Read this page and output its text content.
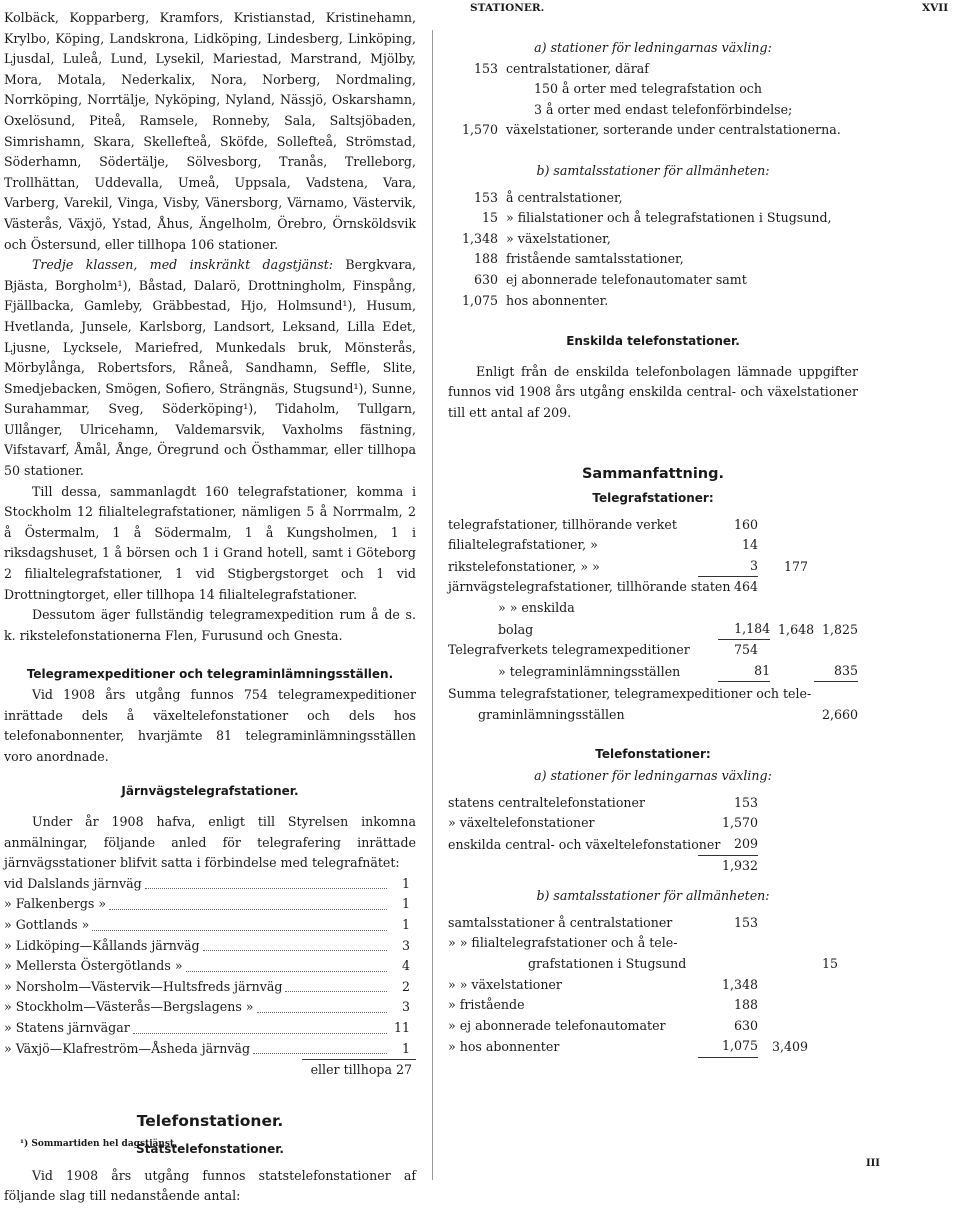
STATIONER.	XVII

Kolbäck, Kopparberg, Kramfors, Kristianstad, Kristinehamn, Krylbo, Köping, Landskrona, Lidköping, Lindesberg, Linköping, Ljusdal, Luleå, Lund, Lysekil, Mariestad, Marstrand, Mjölby, Mora, Motala, Nederkalix, Nora, Norberg, Nordmaling, Norrköping, Norrtälje, Nyköping, Nyland, Nässjö, Oskarshamn, Oxelösund, Piteå, Ramsele, Ronneby, Sala, Saltsjöbaden, Simrishamn, Skara, Skellefteå, Sköfde, Sollefteå, Strömstad, Söderhamn, Södertälje, Sölvesborg, Tranås, Trelleborg, Trollhättan, Uddevalla, Umeå, Uppsala, Vadstena, Vara, Varberg, Varekil, Vinga, Visby, Vänersborg, Värnamo, Västervik, Västerås, Växjö, Ystad, Åhus, Ängelholm, Örebro, Örnsköldsvik och Östersund, eller tillhopa 106 stationer.

Tredje klassen, med inskränkt dagstjänst: Bergkvara, Bjästa, Borgholm¹), Båstad, Dalarö, Drottningholm, Finspång, Fjällbacka, Gamleby, Gräbbestad, Hjo, Holmsund¹), Husum, Hvetlanda, Junsele, Karlsborg, Landsort, Leksand, Lilla Edet, Ljusne, Lycksele, Mariefred, Munkedals bruk, Mönsterås, Mörbylånga, Robertsfors, Råneå, Sandhamn, Seffle, Slite, Smedjebacken, Smögen, Sofiero, Strängnäs, Stugsund¹), Sunne, Surahammar, Sveg, Söderköping¹), Tidaholm, Tullgarn, Ullånger, Ulricehamn, Valdemarsvik, Vaxholms fästning, Vifstavarf, Åmål, Ånge, Öregrund och Östhammar, eller tillhopa 50 stationer.

Till dessa, sammanlagdt 160 telegrafstationer, komma i Stockholm 12 filialtelegrafstationer, nämligen 5 å Norrmalm, 2 å Östermalm, 1 å Södermalm, 1 å Kungsholmen, 1 i riksdagshuset, 1 å börsen och 1 i Grand hotell, samt i Göteborg 2 filialtelegrafstationer, 1 vid Stigbergstorget och 1 vid Drottningtorget, eller tillhopa 14 filialtelegrafstationer.

Dessutom äger fullständig telegramexpedition rum å de s. k. rikstelefonstationerna Flen, Furusund och Gnesta.

Telegramexpeditioner och telegraminlämningsställen.

Vid 1908 års utgång funnos 754 telegramexpeditioner inrättade dels å växeltelefonstationer och dels hos telefonabonnenter, hvarjämte 81 telegraminlämningsställen voro anordnade.

Järnvägstelegrafstationer.

Under år 1908 hafva, enligt till Styrelsen inkomna anmälningar, följande anled för telegrafering inrättade järnvägsstationer blifvit satta i förbindelse med telegrafnätet:

vid Dalslands järnväg	1
» Falkenbergs »	1
» Gottlands »	1
» Lidköping—Kållands järnväg	3
» Mellersta Östergötlands »	4
» Norsholm—Västervik—Hultsfreds järnväg	2
» Stockholm—Västerås—Bergslagens »	3
» Statens järnvägar	11
» Växjö—Klafreström—Åsheda järnväg	1
eller tillhopa 27
Telefonstationer.
Statstelefonstationer.

Vid 1908 års utgång funnos statstelefonstationer af följande slag till nedanstående antal:

¹) Sommartiden hel dagstjänst.
a) stationer för ledningarnas växling:
153 centralstationer, däraf
150 å orter med telegrafstation och
3 å orter med endast telefonförbindelse;
1,570 växelstationer, sorterande under centralstationerna.
b) samtalsstationer för allmänheten:
153 å centralstationer,
15 » filialstationer och å telegrafstationen i Stugsund,
1,348 » växelstationer,
188 fristående samtalsstationer,
630 ej abonnerade telefonautomater samt
1,075 hos abonnenter.
Enskilda telefonstationer.

Enligt från de enskilda telefonbolagen lämnade uppgifter funnos vid 1908 års utgång enskilda central- och växelstationer till ett antal af 209.

Sammanfattning.
Telegrafstationer:
telegrafstationer, tillhörande verket	160
filialtelegrafstationer, »	14
rikstelefonstationer, » »	3	177
järnvägstelegrafstationer, tillhörande staten 464
» » enskilda
bolag	1,184 1,648 1,825
Telegrafverkets telegramexpeditioner	754
» telegraminlämningsställen	81	835
Summa telegrafstationer, telegramexpeditioner och tele-
graminlämningsställen	2,660
Telefonstationer:
a) stationer för ledningarnas växling:
statens centraltelefonstationer	153
» växeltelefonstationer	1,570
enskilda central- och växeltelefonstationer	209
1,932
b) samtalsstationer för allmänheten:
samtalsstationer å centralstationer	153
» » filialtelegrafstationer och å tele-
grafstationen i Stugsund	15
» » växelstationer	1,348
» fristående	188
» ej abonnerade telefonautomater	630
» hos abonnenter	1,075	3,409
III
